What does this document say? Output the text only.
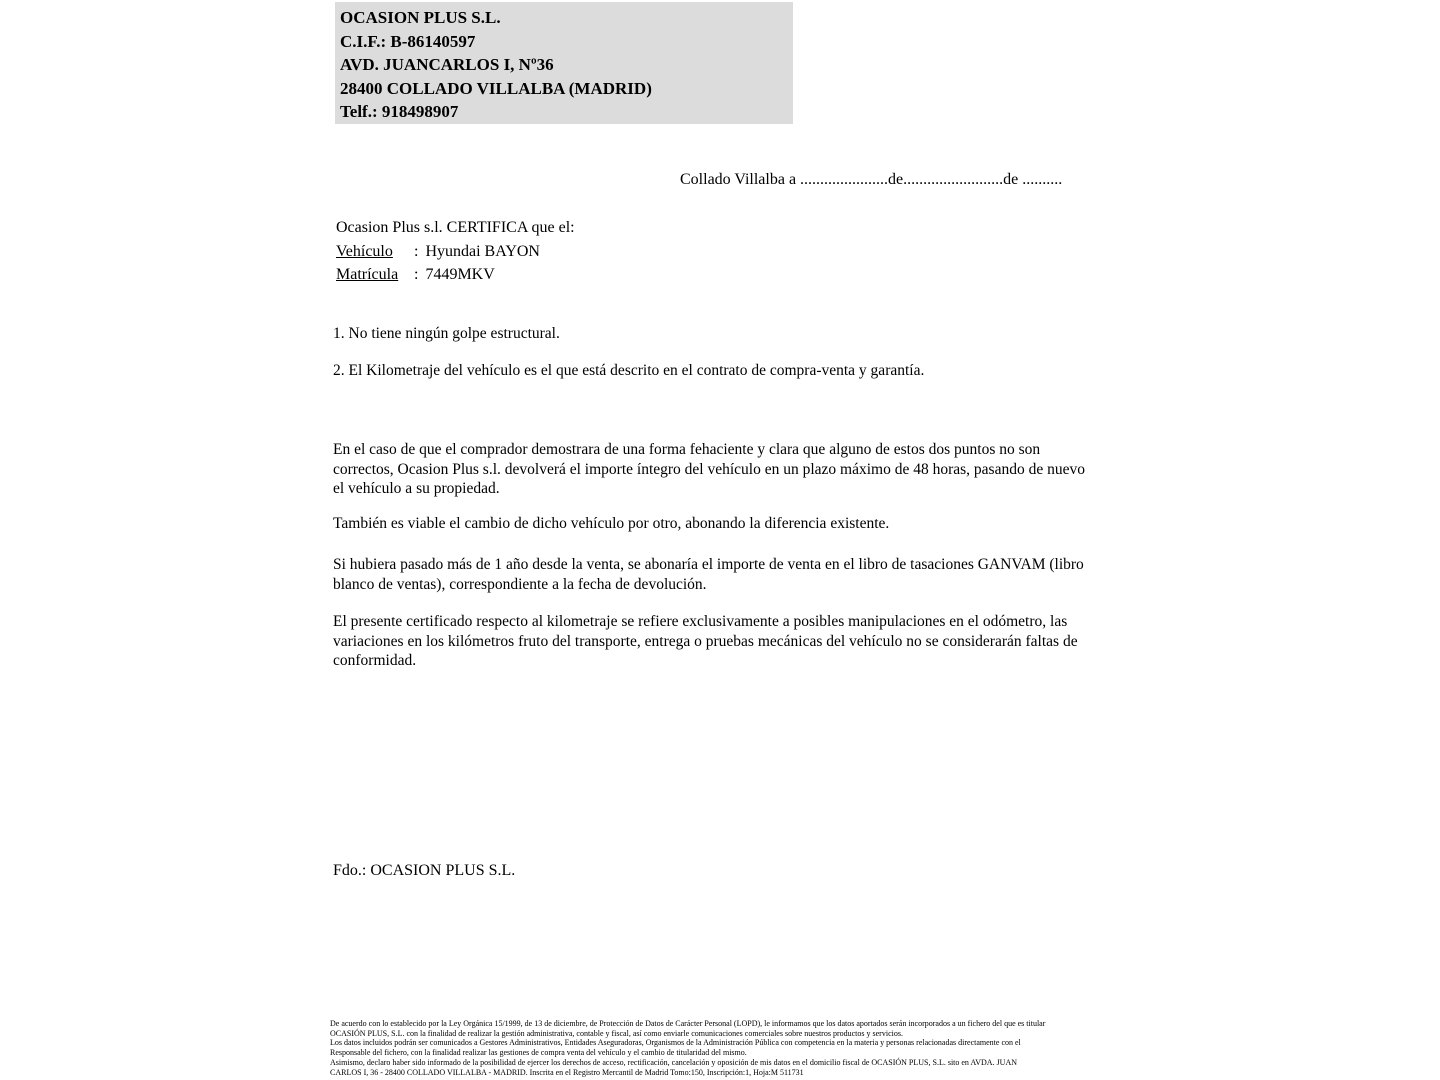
OCASION PLUS S.L.
C.I.F.: B-86140597
AVD. JUANCARLOS I, Nº36
28400 COLLADO VILLALBA (MADRID)
Telf.: 918498907
Collado Villalba a ......................de.........................de ..........
Ocasion Plus s.l. CERTIFICA que el:
Vehículo : Hyundai BAYON
Matrícula : 7449MKV
1. No tiene ningún golpe estructural.
2. El Kilometraje del vehículo es el que está descrito en el contrato de compra-venta y garantía.
En el caso de que el comprador demostrara de una forma fehaciente y clara que alguno de estos dos puntos no son correctos, Ocasion Plus s.l. devolverá el importe íntegro del vehículo en un plazo máximo de 48 horas, pasando de nuevo el vehículo a su propiedad.
También es viable el cambio de dicho vehículo por otro, abonando la diferencia existente.
Si hubiera pasado más de 1 año desde la venta, se abonaría el importe de venta en el libro de tasaciones GANVAM (libro blanco de ventas), correspondiente a la fecha de devolución.
El presente certificado respecto al kilometraje se refiere exclusivamente a posibles manipulaciones en el odómetro, las variaciones en los kilómetros fruto del transporte, entrega o pruebas mecánicas del vehículo no se considerarán faltas de conformidad.
Fdo.: OCASION PLUS S.L.
De acuerdo con lo establecido por la Ley Orgánica 15/1999, de 13 de diciembre, de Protección de Datos de Carácter Personal (LOPD), le informamos que los datos aportados serán incorporados a un fichero del que es titular
OCASIÓN PLUS, S.L. con la finalidad de realizar la gestión administrativa, contable y fiscal, así como enviarle comunicaciones comerciales sobre nuestros productos y servicios.
Los datos incluidos podrán ser comunicados a Gestores Administrativos, Entidades Aseguradoras, Organismos de la Administración Pública con competencia en la materia y personas relacionadas directamente con el
Responsable del fichero, con la finalidad realizar las gestiones de compra venta del vehículo y el cambio de titularidad del mismo.
Asimismo, declaro haber sido informado de la posibilidad de ejercer los derechos de acceso, rectificación, cancelación y oposición de mis datos en el domicilio fiscal de OCASIÓN PLUS, S.L. sito en AVDA. JUAN
CARLOS I, 36 - 28400 COLLADO VILLALBA - MADRID. Inscrita en el Registro Mercantil de Madrid Tomo:150, Inscripción:1, Hoja:M 511731
